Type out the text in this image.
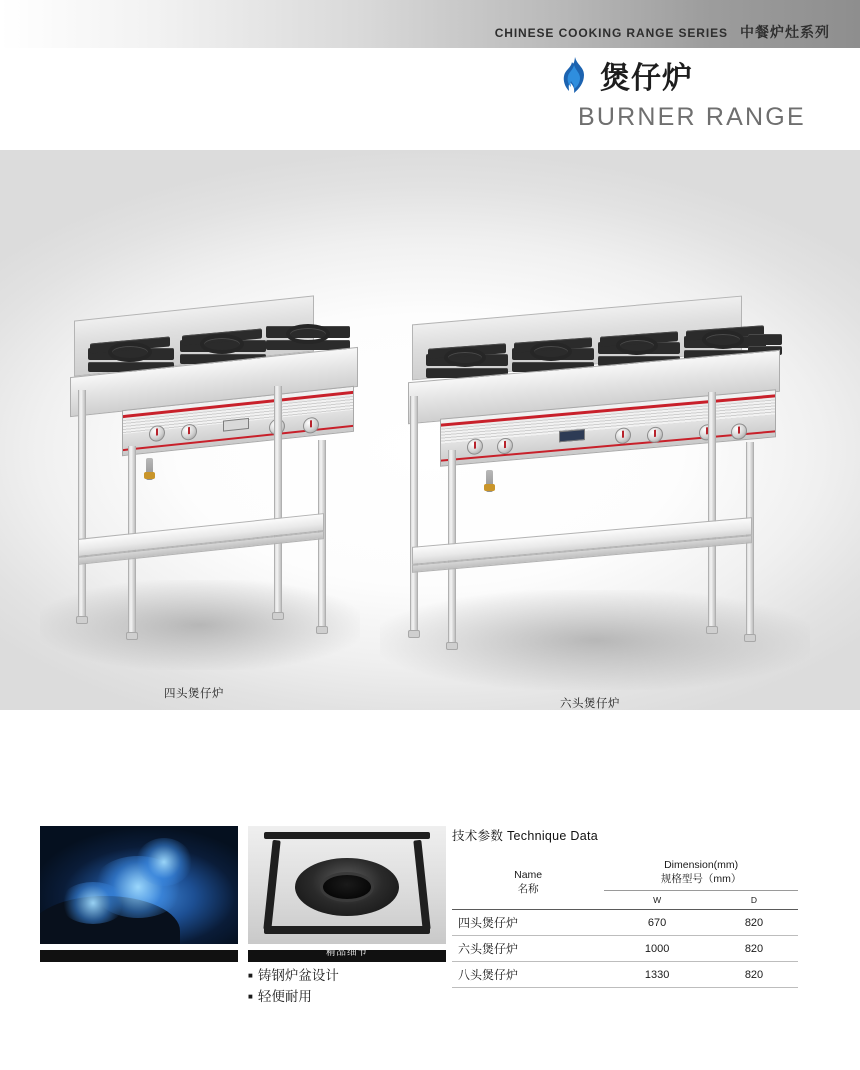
CHINESE COOKING RANGE SERIES 中餐炉灶系列
煲仔炉
BURNER RANGE
四头煲仔炉
六头煲仔炉
精品细节
■ 铸钢炉盆设计
■ 轻便耐用
技术参数 Technique Data
Name
名称

Dimension(mm)
规格型号（mm）

	W	D
四头煲仔炉	670	820
六头煲仔炉	1000	820
八头煲仔炉	1330	820
